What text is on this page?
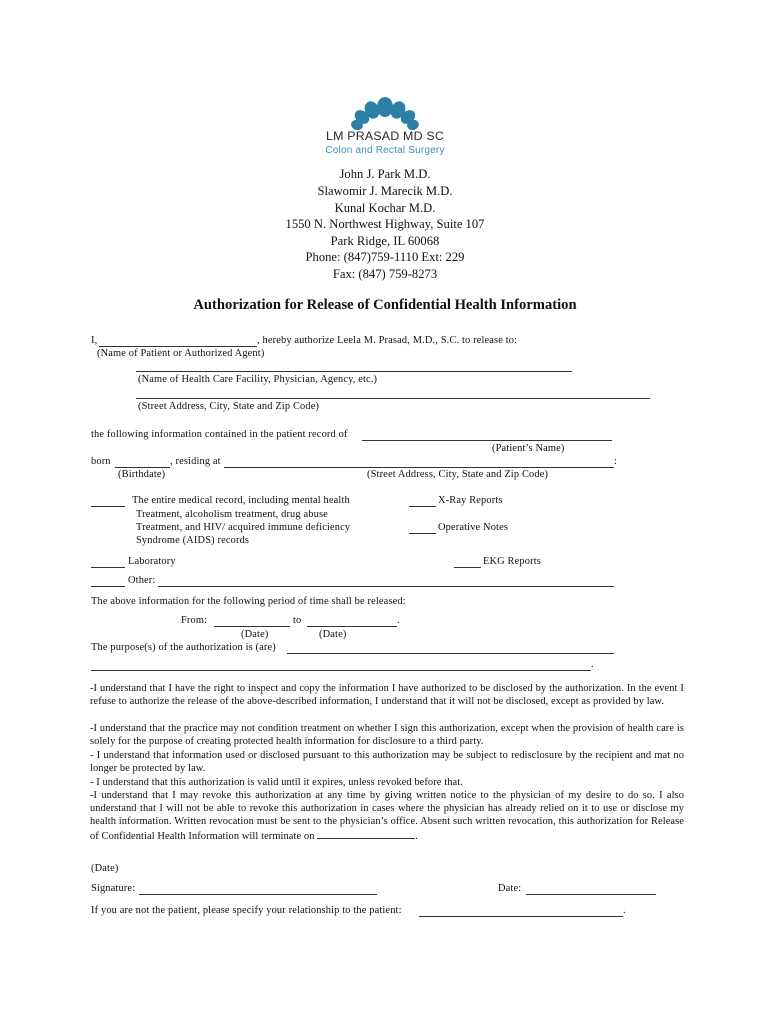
LM PRASAD MD SC
Colon and Rectal Surgery
John J. Park M.D.
Slawomir J. Marecik M.D.
Kunal Kochar M.D.
1550 N. Northwest Highway, Suite 107
Park Ridge, IL 60068
Phone: (847)759-1110 Ext: 229
Fax: (847) 759-8273
Authorization for Release of Confidential Health Information
I,	, hereby authorize Leela M. Prasad, M.D., S.C. to release to:
(Name of Patient or Authorized Agent)
(Name of Health Care Facility, Physician, Agency, etc.)
(Street Address, City, State and Zip Code)
the following information contained in the patient record of
(Patient’s Name)
born	, residing at	:
(Birthdate)	(Street Address, City, State and Zip Code)
The entire medical record, including mental health
Treatment, alcoholism treatment, drug abuse
Treatment, and HIV/ acquired immune deficiency
Syndrome (AIDS) records
X-Ray Reports
Operative Notes
Laboratory	EKG Reports
Other:
The above information for the following period of time shall be released:
From:	to	.
(Date)	(Date)
The purpose(s) of the authorization is (are)
.
-I understand that I have the right to inspect and copy the information I have authorized to be disclosed by the authorization. In the event I refuse to authorize the release of the above-described information, I understand that it will not be disclosed, except as provided by law.
-I understand that the practice may not condition treatment on whether I sign this authorization, except when the provision of health care is solely for the purpose of creating protected health information for disclosure to a third party.
- I understand that information used or disclosed pursuant to this authorization may be subject to redisclosure by the recipient and mat no longer be protected by law.
- I understand that this authorization is valid until it expires, unless revoked before that.
-I understand that I may revoke this authorization at any time by giving written notice to the physician of my desire to do so. I also understand that I will not be able to revoke this authorization in cases where the physician has already relied on it to use or disclose my health information. Written revocation must be sent to the physician’s office. Absent such written revocation, this authorization for Release of Confidential Health Information will terminate on	.
(Date)
Signature:	Date:
If you are not the patient, please specify your relationship to the patient:	.
